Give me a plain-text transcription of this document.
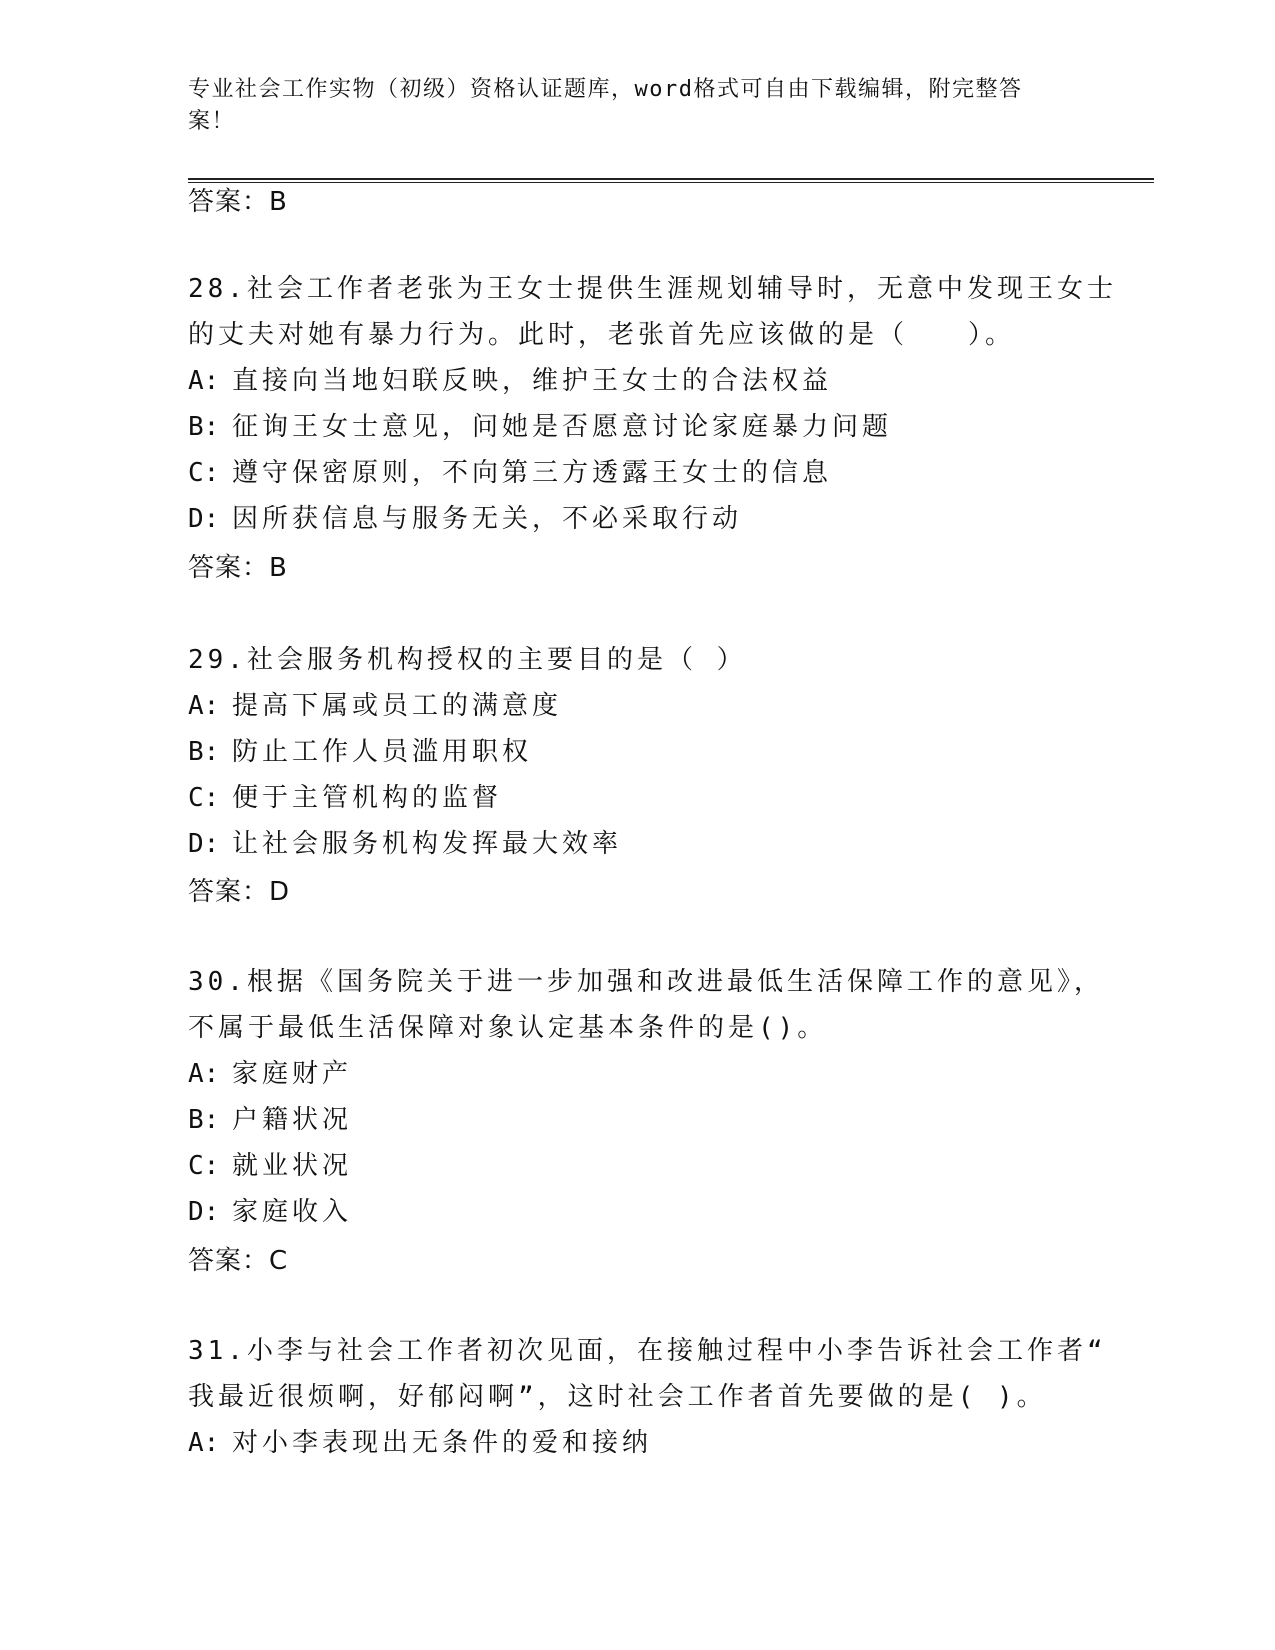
专业社会工作实物（初级）资格认证题库，word格式可自由下载编辑，附完整答案！
答案：B
28.社会工作者老张为王女士提供生涯规划辅导时，无意中发现王女士
的丈夫对她有暴力行为。此时，老张首先应该做的是（　　）。
A: 直接向当地妇联反映，维护王女士的合法权益
B: 征询王女士意见，问她是否愿意讨论家庭暴力问题
C: 遵守保密原则，不向第三方透露王女士的信息
D: 因所获信息与服务无关，不必采取行动
答案：B
29.社会服务机构授权的主要目的是（ ）
A: 提高下属或员工的满意度
B: 防止工作人员滥用职权
C: 便于主管机构的监督
D: 让社会服务机构发挥最大效率
答案：D
30.根据《国务院关于进一步加强和改进最低生活保障工作的意见》，
不属于最低生活保障对象认定基本条件的是()。
A: 家庭财产
B: 户籍状况
C: 就业状况
D: 家庭收入
答案：C
31.小李与社会工作者初次见面，在接触过程中小李告诉社会工作者“
我最近很烦啊，好郁闷啊”，这时社会工作者首先要做的是( )。
A: 对小李表现出无条件的爱和接纳
